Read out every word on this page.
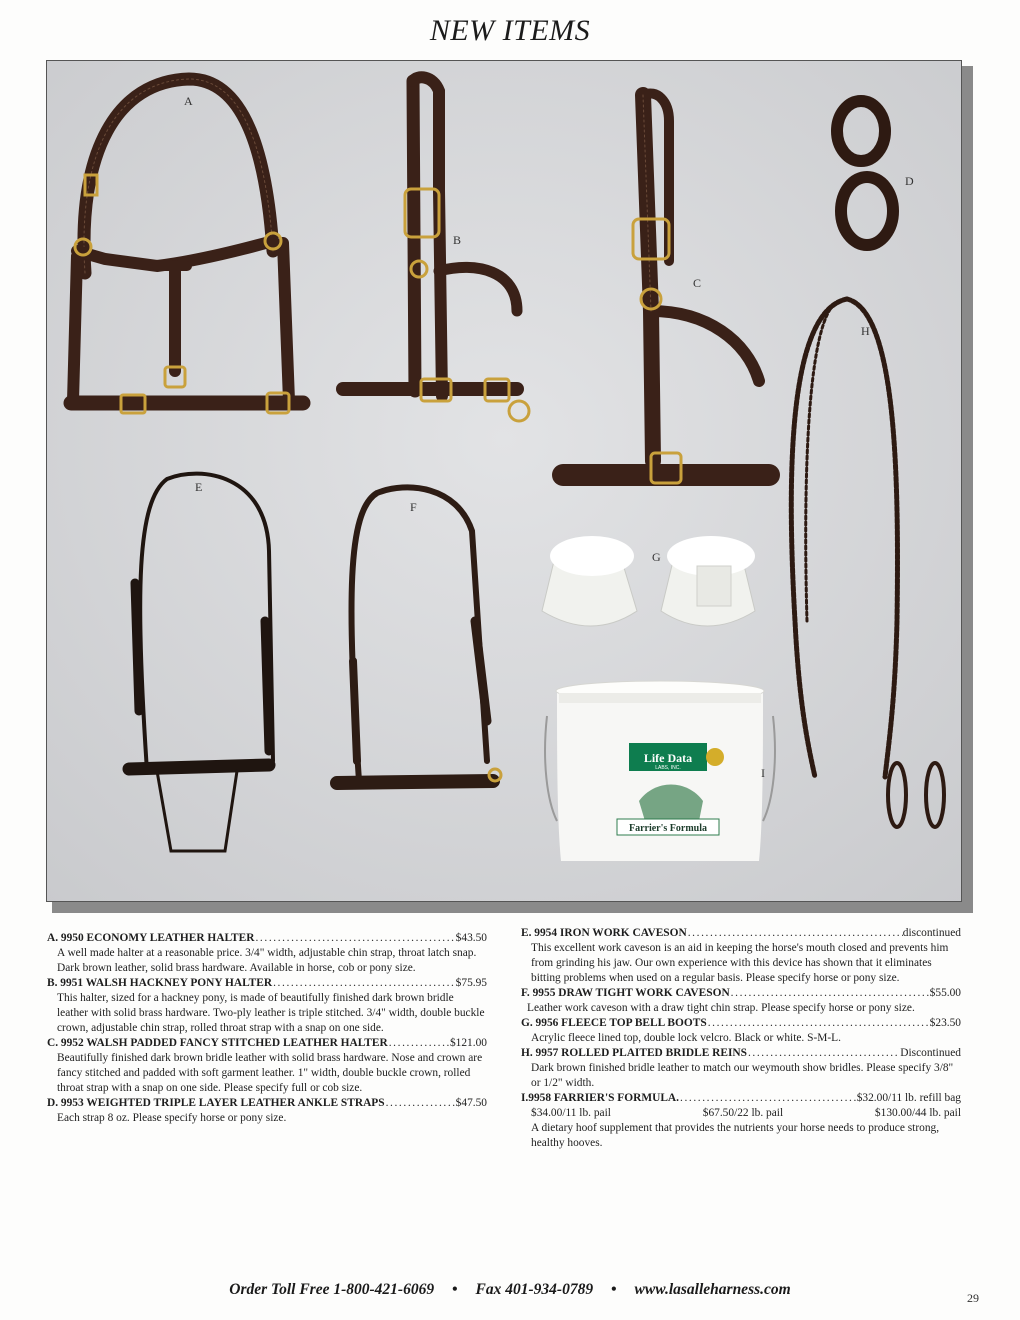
NEW ITEMS
Life Data
LABS, INC.
Farrier's Formula
A
B
C
D
E
F
G
H
I
A. 9950 ECONOMY LEATHER HALTER .....	$43.50
A well made halter at a reasonable price. 3/4" width, adjustable chin strap, throat latch snap. Dark brown leather, solid brass hardware. Available in horse, cob or pony size.
B. 9951 WALSH HACKNEY PONY HALTER .....	$75.95
This halter, sized for a hackney pony, is made of beautifully finished dark brown bridle leather with solid brass hardware. Two-ply leather is triple stitched. 3/4" width, double buckle crown, adjustable chin strap, rolled throat strap with a snap on one side.
C. 9952 WALSH PADDED FANCY STITCHED LEATHER HALTER .....	$121.00
Beautifully finished dark brown bridle leather with solid brass hardware. Nose and crown are fancy stitched and padded with soft garment leather. 1" width, double buckle crown, rolled throat strap with a snap on one side. Please specify full or cob size.
D. 9953 WEIGHTED TRIPLE LAYER LEATHER ANKLE STRAPS .....	$47.50
Each strap 8 oz. Please specify horse or pony size.
E. 9954 IRON WORK CAVESON .....	discontinued
This excellent work caveson is an aid in keeping the horse's mouth closed and prevents him from grinding his jaw. Our own experience with this device has shown that it eliminates bitting problems when used on a regular basis. Please specify horse or pony size.
F. 9955 DRAW TIGHT WORK CAVESON .....	$55.00
Leather work caveson with a draw tight chin strap. Please specify horse or pony size.
G. 9956 FLEECE TOP BELL BOOTS .....	$23.50
Acrylic fleece lined top, double lock velcro. Black or white. S-M-L.
H. 9957 ROLLED PLAITED BRIDLE REINS .....	Discontinued
Dark brown finished bridle leather to match our weymouth show bridles. Please specify 3/8" or 1/2" width.
I.9958 FARRIER'S FORMULA. .....	$32.00/11 lb. refill bag
$34.00/11 lb. pail	$67.50/22 lb. pail	$130.00/44 lb. pail
A dietary hoof supplement that provides the nutrients your horse needs to produce strong, healthy hooves.
Order Toll Free 1-800-421-6069 • Fax 401-934-0789 • www.lasalleharness.com	29
